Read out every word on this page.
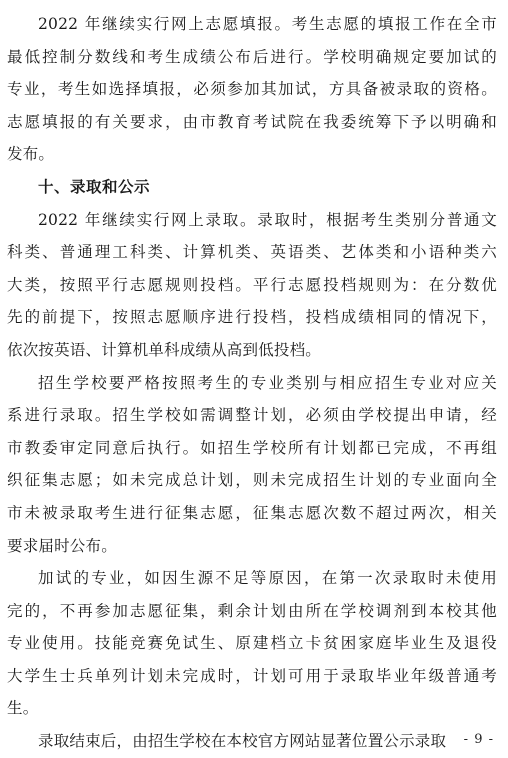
2022 年继续实行网上志愿填报。考生志愿的填报工作在全市
最低控制分数线和考生成绩公布后进行。学校明确规定要加试的
专业，考生如选择填报，必须参加其加试，方具备被录取的资格。
志愿填报的有关要求，由市教育考试院在我委统筹下予以明确和
发布。
十、录取和公示
2022 年继续实行网上录取。录取时，根据考生类别分普通文
科类、普通理工科类、计算机类、英语类、艺体类和小语种类六
大类，按照平行志愿规则投档。平行志愿投档规则为：在分数优
先的前提下，按照志愿顺序进行投档，投档成绩相同的情况下，
依次按英语、计算机单科成绩从高到低投档。
招生学校要严格按照考生的专业类别与相应招生专业对应关
系进行录取。招生学校如需调整计划，必须由学校提出申请，经
市教委审定同意后执行。如招生学校所有计划都已完成，不再组
织征集志愿；如未完成总计划，则未完成招生计划的专业面向全
市未被录取考生进行征集志愿，征集志愿次数不超过两次，相关
要求届时公布。
加试的专业，如因生源不足等原因，在第一次录取时未使用
完的，不再参加志愿征集，剩余计划由所在学校调剂到本校其他
专业使用。技能竞赛免试生、原建档立卡贫困家庭毕业生及退役
大学生士兵单列计划未完成时，计划可用于录取毕业年级普通考
生。
录取结束后，由招生学校在本校官方网站显著位置公示录取	- 9 -
